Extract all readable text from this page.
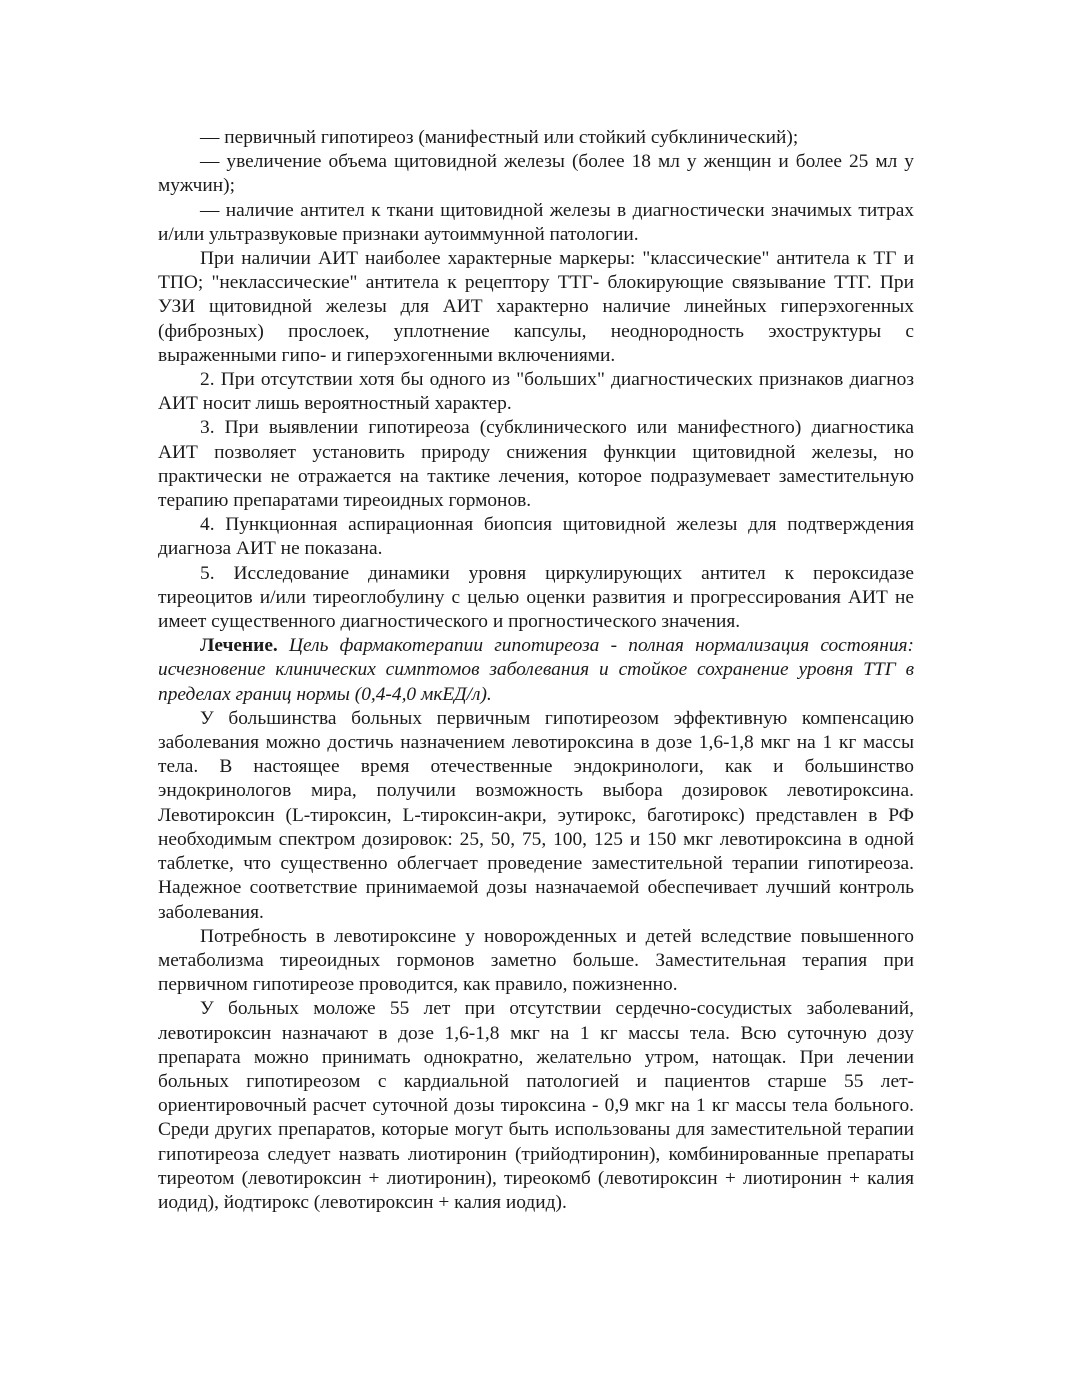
— первичный гипотиреоз (манифестный или стойкий субклинический);

— увеличение объема щитовидной железы (более 18 мл у женщин и более 25 мл у мужчин);

— наличие антител к ткани щитовидной железы в диагностически значимых титрах и/или ультразвуковые признаки аутоиммунной патологии.

При наличии АИТ наиболее характерные маркеры: "классические" антитела к ТГ и ТПО; "неклассические" антитела к рецептору ТТГ- блокирующие связывание ТТГ. При УЗИ щитовидной железы для АИТ характерно наличие линейных гиперэхогенных (фиброзных) прослоек, уплотнение капсулы, неоднородность эхоструктуры с выраженными гипо- и гиперэхогенными включениями.

2. При отсутствии хотя бы одного из "больших" диагностических признаков диагноз АИТ носит лишь вероятностный характер.

3. При выявлении гипотиреоза (субклинического или манифестного) диагностика АИТ позволяет установить природу снижения функции щитовидной железы, но практически не отражается на тактике лечения, которое подразумевает заместительную терапию препаратами тиреоидных гормонов.

4. Пункционная аспирационная биопсия щитовидной железы для подтверждения диагноза АИТ не показана.

5. Исследование динамики уровня циркулирующих антител к пероксидазе тиреоцитов и/или тиреоглобулину с целью оценки развития и прогрессирования АИТ не имеет существенного диагностического и прогностического значения.

Лечение. Цель фармакотерапии гипотиреоза - полная нормализация состояния: исчезновение клинических симптомов заболевания и стойкое сохранение уровня ТТГ в пределах границ нормы (0,4-4,0 мкЕД/л).

У большинства больных первичным гипотиреозом эффективную компенсацию заболевания можно достичь назначением левотироксина в дозе 1,6-1,8 мкг на 1 кг массы тела. В настоящее время отечественные эндокринологи, как и большинство эндокринологов мира, получили возможность выбора дозировок левотироксина. Левотироксин (L-тироксин, L-тироксин-акри, эутирокс, баготирокс) представлен в РФ необходимым спектром дозировок: 25, 50, 75, 100, 125 и 150 мкг левотироксина в одной таблетке, что существенно облегчает проведение заместительной терапии гипотиреоза. Надежное соответствие принимаемой дозы назначаемой обеспечивает лучший контроль заболевания.

Потребность в левотироксине у новорожденных и детей вследствие повышенного метаболизма тиреоидных гормонов заметно больше. Заместительная терапия при первичном гипотиреозе проводится, как правило, пожизненно.

У больных моложе 55 лет при отсутствии сердечно-сосудистых заболеваний, левотироксин назначают в дозе 1,6-1,8 мкг на 1 кг массы тела. Всю суточную дозу препарата можно принимать однократно, желательно утром, натощак. При лечении больных гипотиреозом с кардиальной патологией и пациентов старше 55 лет- ориентировочный расчет суточной дозы тироксина - 0,9 мкг на 1 кг массы тела больного. Среди других препаратов, которые могут быть использованы для заместительной терапии гипотиреоза следует назвать лиотиронин (трийодтиронин), комбинированные препараты тиреотом (левотироксин + лиотиронин), тиреокомб (левотироксин + лиотиронин + калия иодид), йодтирокс (левотироксин + калия иодид).
